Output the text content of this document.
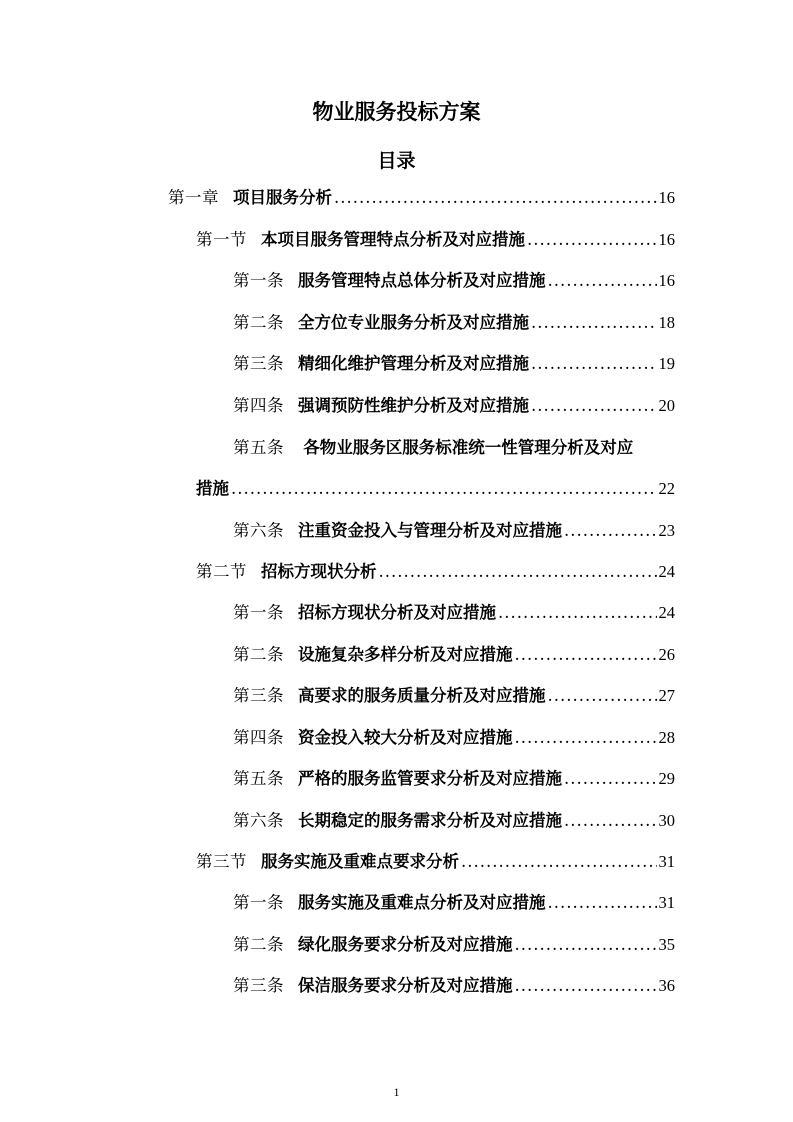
物业服务投标方案
目录
第一章 项目服务分析 .....	16
第一节 本项目服务管理特点分析及对应措施 .....	16
第一条 服务管理特点总体分析及对应措施 .....	16
第二条 全方位专业服务分析及对应措施 .....	18
第三条 精细化维护管理分析及对应措施 .....	19
第四条 强调预防性维护分析及对应措施 .....	20
第五条 各物业服务区服务标准统一性管理分析及对应
措施 .....	22
第六条 注重资金投入与管理分析及对应措施 .....	23
第二节 招标方现状分析 .....	24
第一条 招标方现状分析及对应措施 .....	24
第二条 设施复杂多样分析及对应措施 .....	26
第三条 高要求的服务质量分析及对应措施 .....	27
第四条 资金投入较大分析及对应措施 .....	28
第五条 严格的服务监管要求分析及对应措施 .....	29
第六条 长期稳定的服务需求分析及对应措施 .....	30
第三节 服务实施及重难点要求分析 .....	31
第一条 服务实施及重难点分析及对应措施 .....	31
第二条 绿化服务要求分析及对应措施 .....	35
第三条 保洁服务要求分析及对应措施 .....	36
1
